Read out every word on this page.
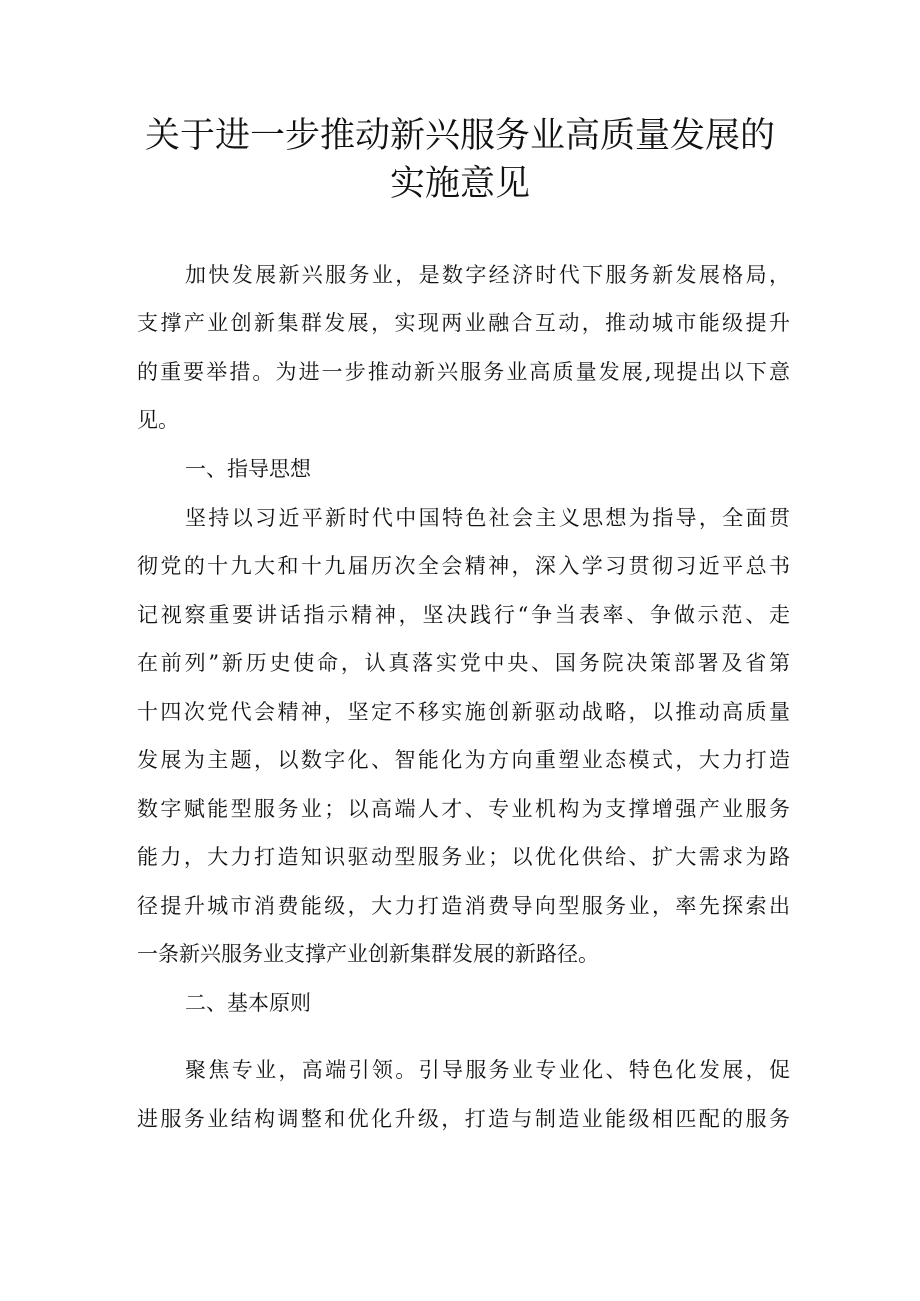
关于进一步推动新兴服务业高质量发展的
实施意见
加快发展新兴服务业，是数字经济时代下服务新发展格局，
支撑产业创新集群发展，实现两业融合互动，推动城市能级提升
的重要举措。为进一步推动新兴服务业高质量发展,现提出以下意
见。
一、指导思想
坚持以习近平新时代中国特色社会主义思想为指导，全面贯
彻党的十九大和十九届历次全会精神，深入学习贯彻习近平总书
记视察重要讲话指示精神，坚决践行“争当表率、争做示范、走
在前列”新历史使命，认真落实党中央、国务院决策部署及省第
十四次党代会精神，坚定不移实施创新驱动战略，以推动高质量
发展为主题，以数字化、智能化为方向重塑业态模式，大力打造
数字赋能型服务业；以高端人才、专业机构为支撑增强产业服务
能力，大力打造知识驱动型服务业；以优化供给、扩大需求为路
径提升城市消费能级，大力打造消费导向型服务业，率先探索出
一条新兴服务业支撑产业创新集群发展的新路径。
二、基本原则
聚焦专业，高端引领。引导服务业专业化、特色化发展，促
进服务业结构调整和优化升级，打造与制造业能级相匹配的服务
